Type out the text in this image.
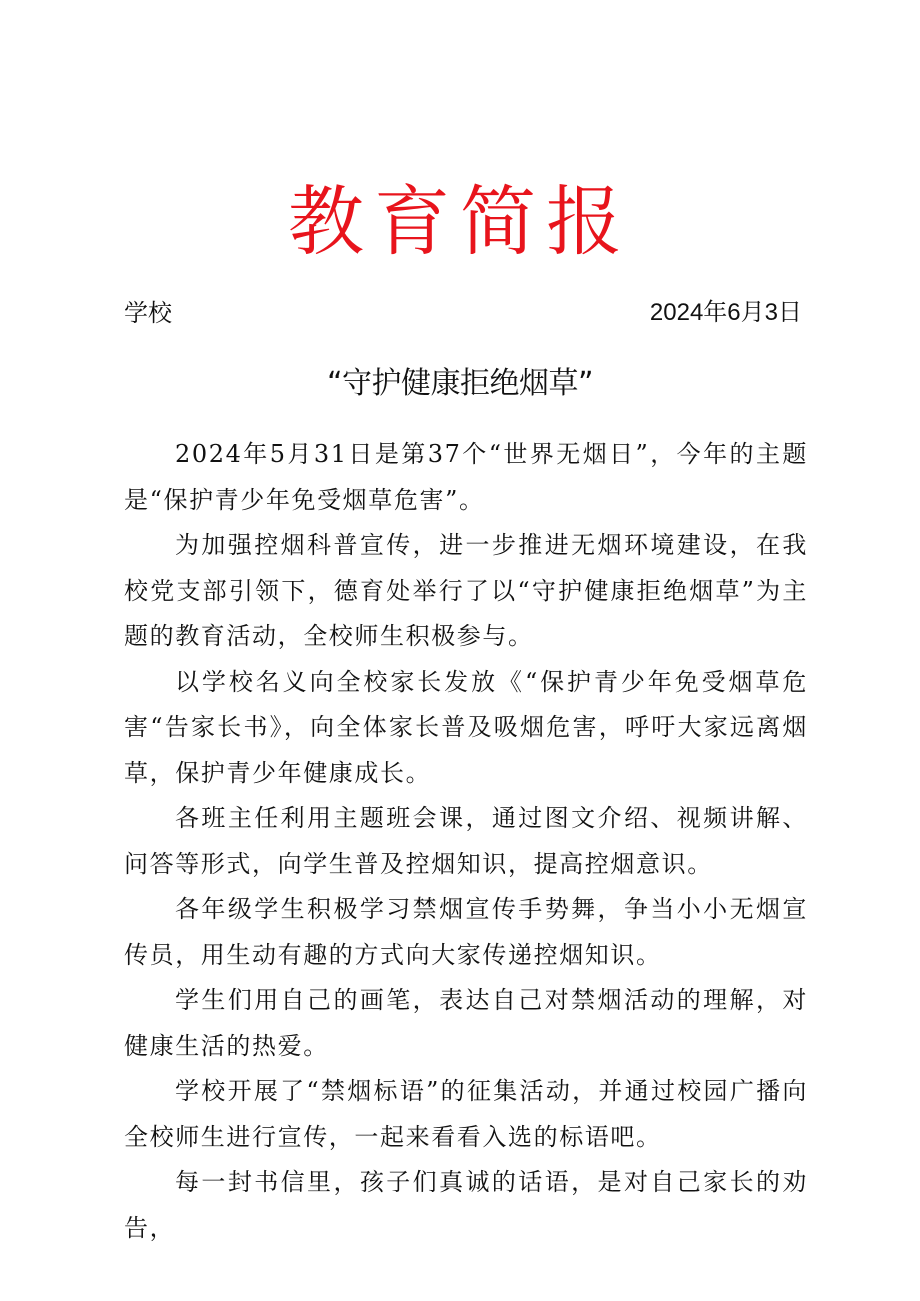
教育简报
学校	2024年6月3日
“守护健康拒绝烟草”

2024年5月31日是第37个“世界无烟日”，今年的主题是“保护青少年免受烟草危害”。

为加强控烟科普宣传，进一步推进无烟环境建设，在我校党支部引领下，德育处举行了以“守护健康拒绝烟草”为主题的教育活动，全校师生积极参与。

以学校名义向全校家长发放《“保护青少年免受烟草危害“告家长书》，向全体家长普及吸烟危害，呼吁大家远离烟草，保护青少年健康成长。

各班主任利用主题班会课，通过图文介绍、视频讲解、问答等形式，向学生普及控烟知识，提高控烟意识。

各年级学生积极学习禁烟宣传手势舞，争当小小无烟宣传员，用生动有趣的方式向大家传递控烟知识。

学生们用自己的画笔，表达自己对禁烟活动的理解，对健康生活的热爱。

学校开展了“禁烟标语”的征集活动，并通过校园广播向全校师生进行宣传，一起来看看入选的标语吧。

每一封书信里，孩子们真诚的话语，是对自己家长的劝告，
